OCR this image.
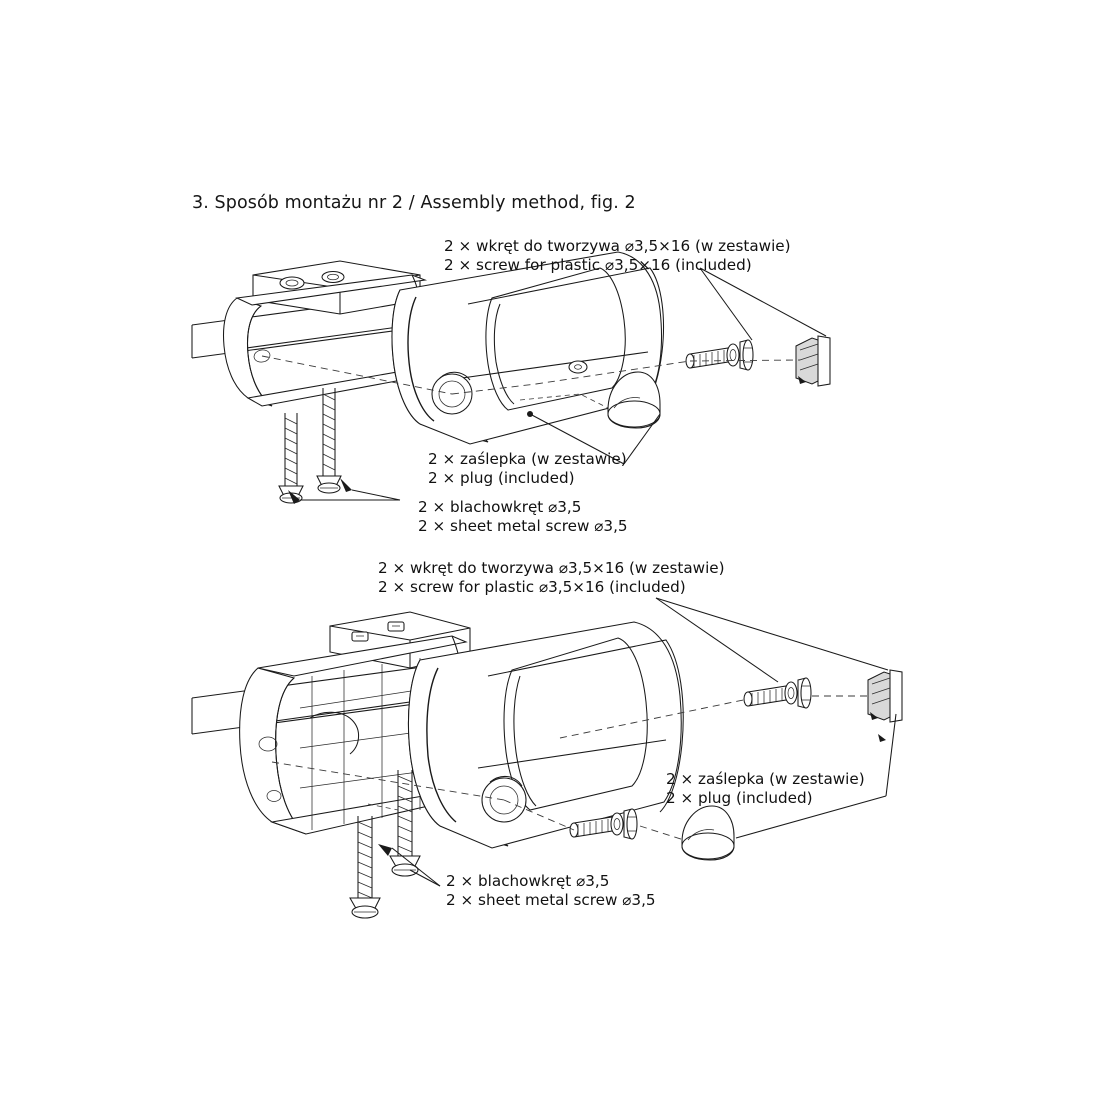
3. Sposób montażu nr 2 / Assembly method, fig. 2
2 × wkręt do tworzywa ⌀3,5×16 (w zestawie)
2 × screw for plastic ⌀3,5×16 (included)
2 × zaślepka (w zestawie)
2 × plug (included)
2 × blachowkręt ⌀3,5
2 × sheet metal screw ⌀3,5
2 × wkręt do tworzywa ⌀3,5×16 (w zestawie)
2 × screw for plastic ⌀3,5×16 (included)
2 × zaślepka (w zestawie)
2 × plug (included)
2 × blachowkręt ⌀3,5
2 × sheet metal screw ⌀3,5
